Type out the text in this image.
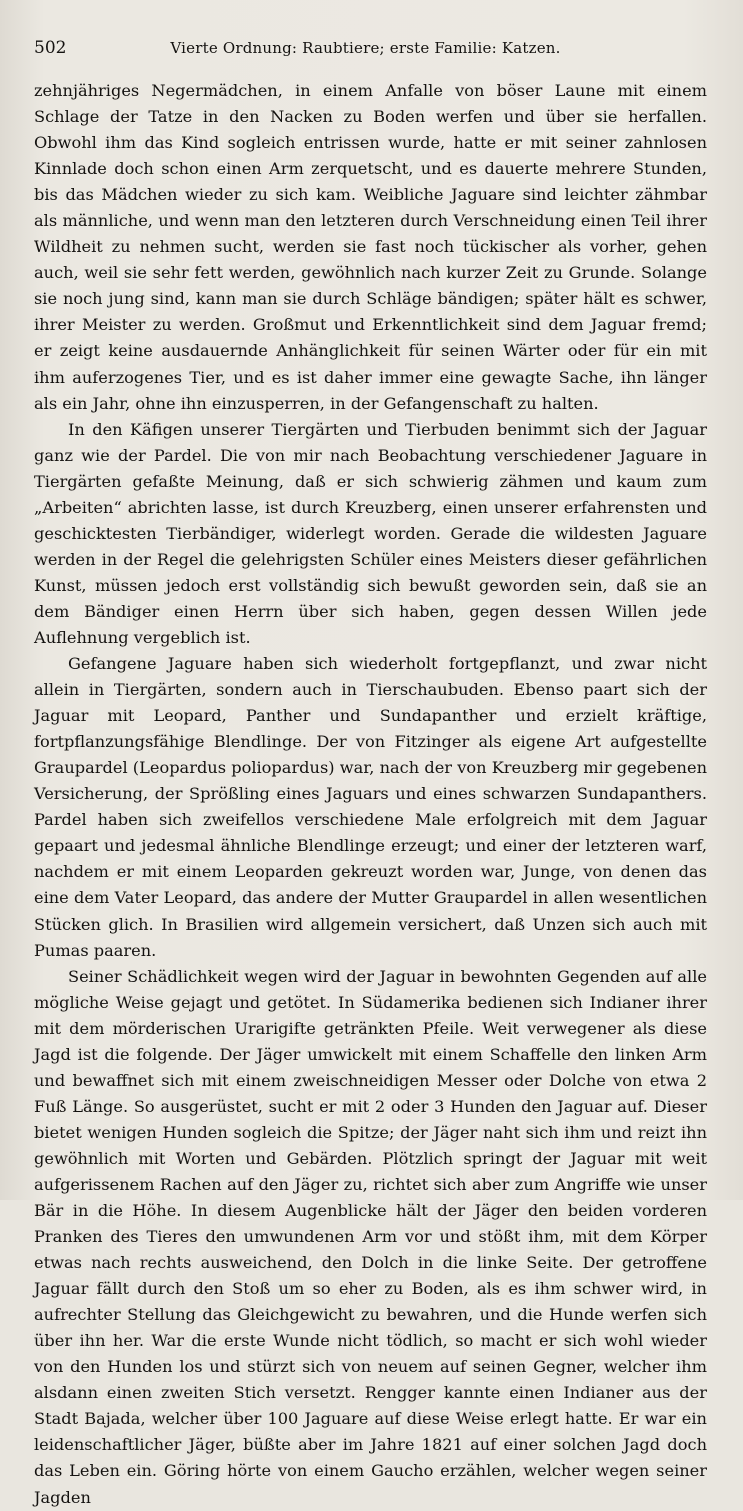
502	Vierte Ordnung: Raubtiere; erste Familie: Katzen.

zehnjähriges Negermädchen, in einem Anfalle von böser Laune mit einem Schlage der Tatze in den Nacken zu Boden werfen und über sie herfallen. Obwohl ihm das Kind sogleich entrissen wurde, hatte er mit seiner zahnlosen Kinnlade doch schon einen Arm zerquetscht, und es dauerte mehrere Stunden, bis das Mädchen wieder zu sich kam. Weibliche Jaguare sind leichter zähmbar als männliche, und wenn man den letzteren durch Verschneidung einen Teil ihrer Wildheit zu nehmen sucht, werden sie fast noch tückischer als vorher, gehen auch, weil sie sehr fett werden, gewöhnlich nach kurzer Zeit zu Grunde. Solange sie noch jung sind, kann man sie durch Schläge bändigen; später hält es schwer, ihrer Meister zu werden. Großmut und Erkenntlichkeit sind dem Jaguar fremd; er zeigt keine ausdauernde Anhänglichkeit für seinen Wärter oder für ein mit ihm auferzogenes Tier, und es ist daher immer eine gewagte Sache, ihn länger als ein Jahr, ohne ihn einzusperren, in der Gefangenschaft zu halten.

In den Käfigen unserer Tiergärten und Tierbuden benimmt sich der Jaguar ganz wie der Pardel. Die von mir nach Beobachtung verschiedener Jaguare in Tiergärten gefaßte Meinung, daß er sich schwierig zähmen und kaum zum „Arbeiten“ abrichten lasse, ist durch Kreuzberg, einen unserer erfahrensten und geschicktesten Tierbändiger, widerlegt worden. Gerade die wildesten Jaguare werden in der Regel die gelehrigsten Schüler eines Meisters dieser gefährlichen Kunst, müssen jedoch erst vollständig sich bewußt geworden sein, daß sie an dem Bändiger einen Herrn über sich haben, gegen dessen Willen jede Auflehnung vergeblich ist.

Gefangene Jaguare haben sich wiederholt fortgepflanzt, und zwar nicht allein in Tiergärten, sondern auch in Tierschaubuden. Ebenso paart sich der Jaguar mit Leopard, Panther und Sundapanther und erzielt kräftige, fortpflanzungsfähige Blendlinge. Der von Fitzinger als eigene Art aufgestellte Graupardel (Leopardus poliopardus) war, nach der von Kreuzberg mir gegebenen Versicherung, der Sprößling eines Jaguars und eines schwarzen Sundapanthers. Pardel haben sich zweifellos verschiedene Male erfolgreich mit dem Jaguar gepaart und jedesmal ähnliche Blendlinge erzeugt; und einer der letzteren warf, nachdem er mit einem Leoparden gekreuzt worden war, Junge, von denen das eine dem Vater Leopard, das andere der Mutter Graupardel in allen wesentlichen Stücken glich. In Brasilien wird allgemein versichert, daß Unzen sich auch mit Pumas paaren.

Seiner Schädlichkeit wegen wird der Jaguar in bewohnten Gegenden auf alle mögliche Weise gejagt und getötet. In Südamerika bedienen sich Indianer ihrer mit dem mörderischen Urarigifte getränkten Pfeile. Weit verwegener als diese Jagd ist die folgende. Der Jäger umwickelt mit einem Schaffelle den linken Arm und bewaffnet sich mit einem zweischneidigen Messer oder Dolche von etwa 2 Fuß Länge. So ausgerüstet, sucht er mit 2 oder 3 Hunden den Jaguar auf. Dieser bietet wenigen Hunden sogleich die Spitze; der Jäger naht sich ihm und reizt ihn gewöhnlich mit Worten und Gebärden. Plötzlich springt der Jaguar mit weit aufgerissenem Rachen auf den Jäger zu, richtet sich aber zum Angriffe wie unser Bär in die Höhe. In diesem Augenblicke hält der Jäger den beiden vorderen Pranken des Tieres den umwundenen Arm vor und stößt ihm, mit dem Körper etwas nach rechts ausweichend, den Dolch in die linke Seite. Der getroffene Jaguar fällt durch den Stoß um so eher zu Boden, als es ihm schwer wird, in aufrechter Stellung das Gleichgewicht zu bewahren, und die Hunde werfen sich über ihn her. War die erste Wunde nicht tödlich, so macht er sich wohl wieder von den Hunden los und stürzt sich von neuem auf seinen Gegner, welcher ihm alsdann einen zweiten Stich versetzt. Rengger kannte einen Indianer aus der Stadt Bajada, welcher über 100 Jaguare auf diese Weise erlegt hatte. Er war ein leidenschaftlicher Jäger, büßte aber im Jahre 1821 auf einer solchen Jagd doch das Leben ein. Göring hörte von einem Gaucho erzählen, welcher wegen seiner Jagden
